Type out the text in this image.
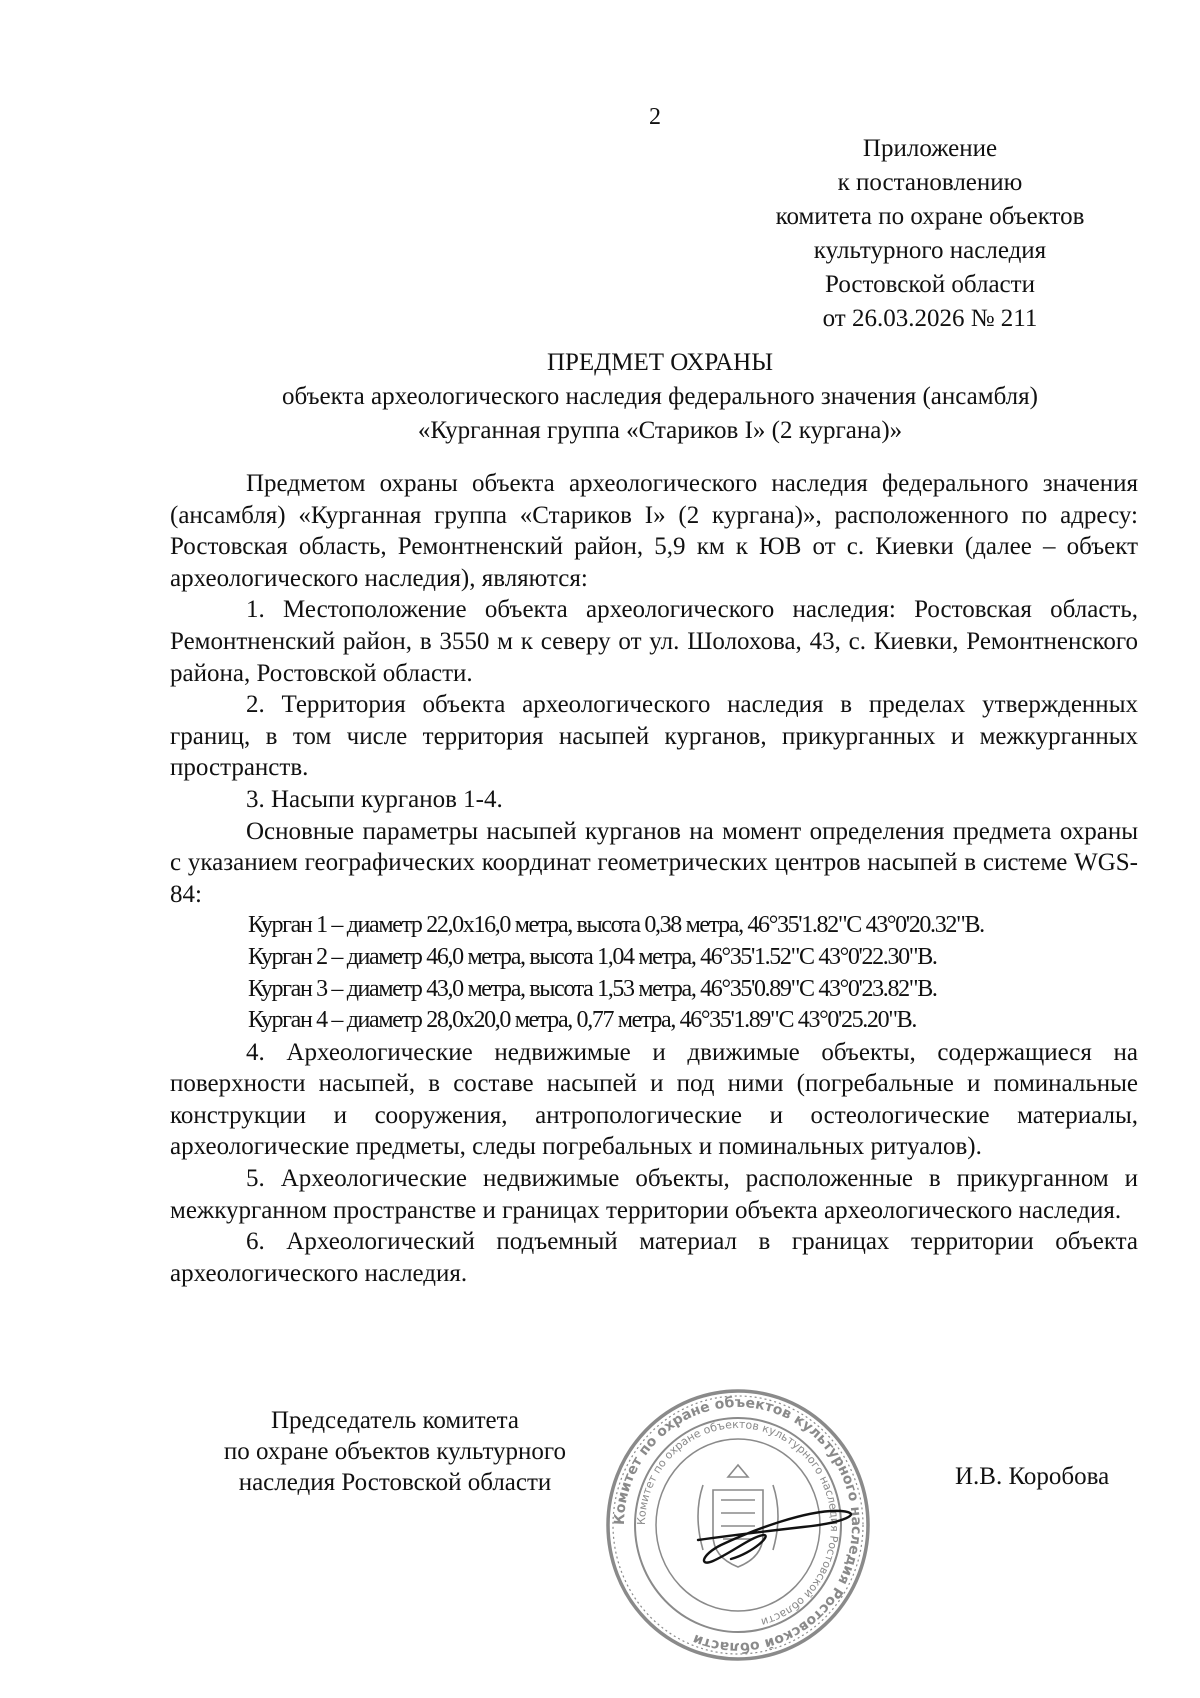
2
Приложение
к постановлению
комитета по охране объектов
культурного наследия
Ростовской области
от 26.03.2026 № 211
ПРЕДМЕТ ОХРАНЫ
объекта археологического наследия федерального значения (ансамбля)
«Курганная группа «Стариков I» (2 кургана)»

Предметом охраны объекта археологического наследия федерального значения (ансамбля) «Курганная группа «Стариков I» (2 кургана)», расположенного по адресу: Ростовская область, Ремонтненский район, 5,9 км к ЮВ от с. Киевки (далее – объект археологического наследия), являются:

1. Местоположение объекта археологического наследия: Ростовская область, Ремонтненский район, в 3550 м к северу от ул. Шолохова, 43, с. Киевки, Ремонтненского района, Ростовской области.

2. Территория объекта археологического наследия в пределах утвержденных границ, в том числе территория насыпей курганов, прикурганных и межкурганных пространств.

3. Насыпи курганов 1-4.

Основные параметры насыпей курганов на момент определения предмета охраны с указанием географических координат геометрических центров насыпей в системе WGS-84:

Курган 1 – диаметр 22,0х16,0 метра, высота 0,38 метра, 46°35'1.82"С 43°0'20.32"В.

Курган 2 – диаметр 46,0 метра, высота 1,04 метра, 46°35'1.52"С 43°0'22.30"В.

Курган 3 – диаметр 43,0 метра, высота 1,53 метра, 46°35'0.89"С 43°0'23.82"В.

Курган 4 – диаметр 28,0х20,0 метра, 0,77 метра, 46°35'1.89"С 43°0'25.20"В.

4. Археологические недвижимые и движимые объекты, содержащиеся на поверхности насыпей, в составе насыпей и под ними (погребальные и поминальные конструкции и сооружения, антропологические и остеологические материалы, археологические предметы, следы погребальных и поминальных ритуалов).

5. Археологические недвижимые объекты, расположенные в прикурганном и межкурганном пространстве и границах территории объекта археологического наследия.

6. Археологический подъемный материал в границах территории объекта археологического наследия.

Председатель комитета
по охране объектов культурного
наследия Ростовской области
Комитет по охране объектов культурного наследия Ростовской области
Комитет по охране объектов культурного наследия Ростовской области
И.В. Коробова
